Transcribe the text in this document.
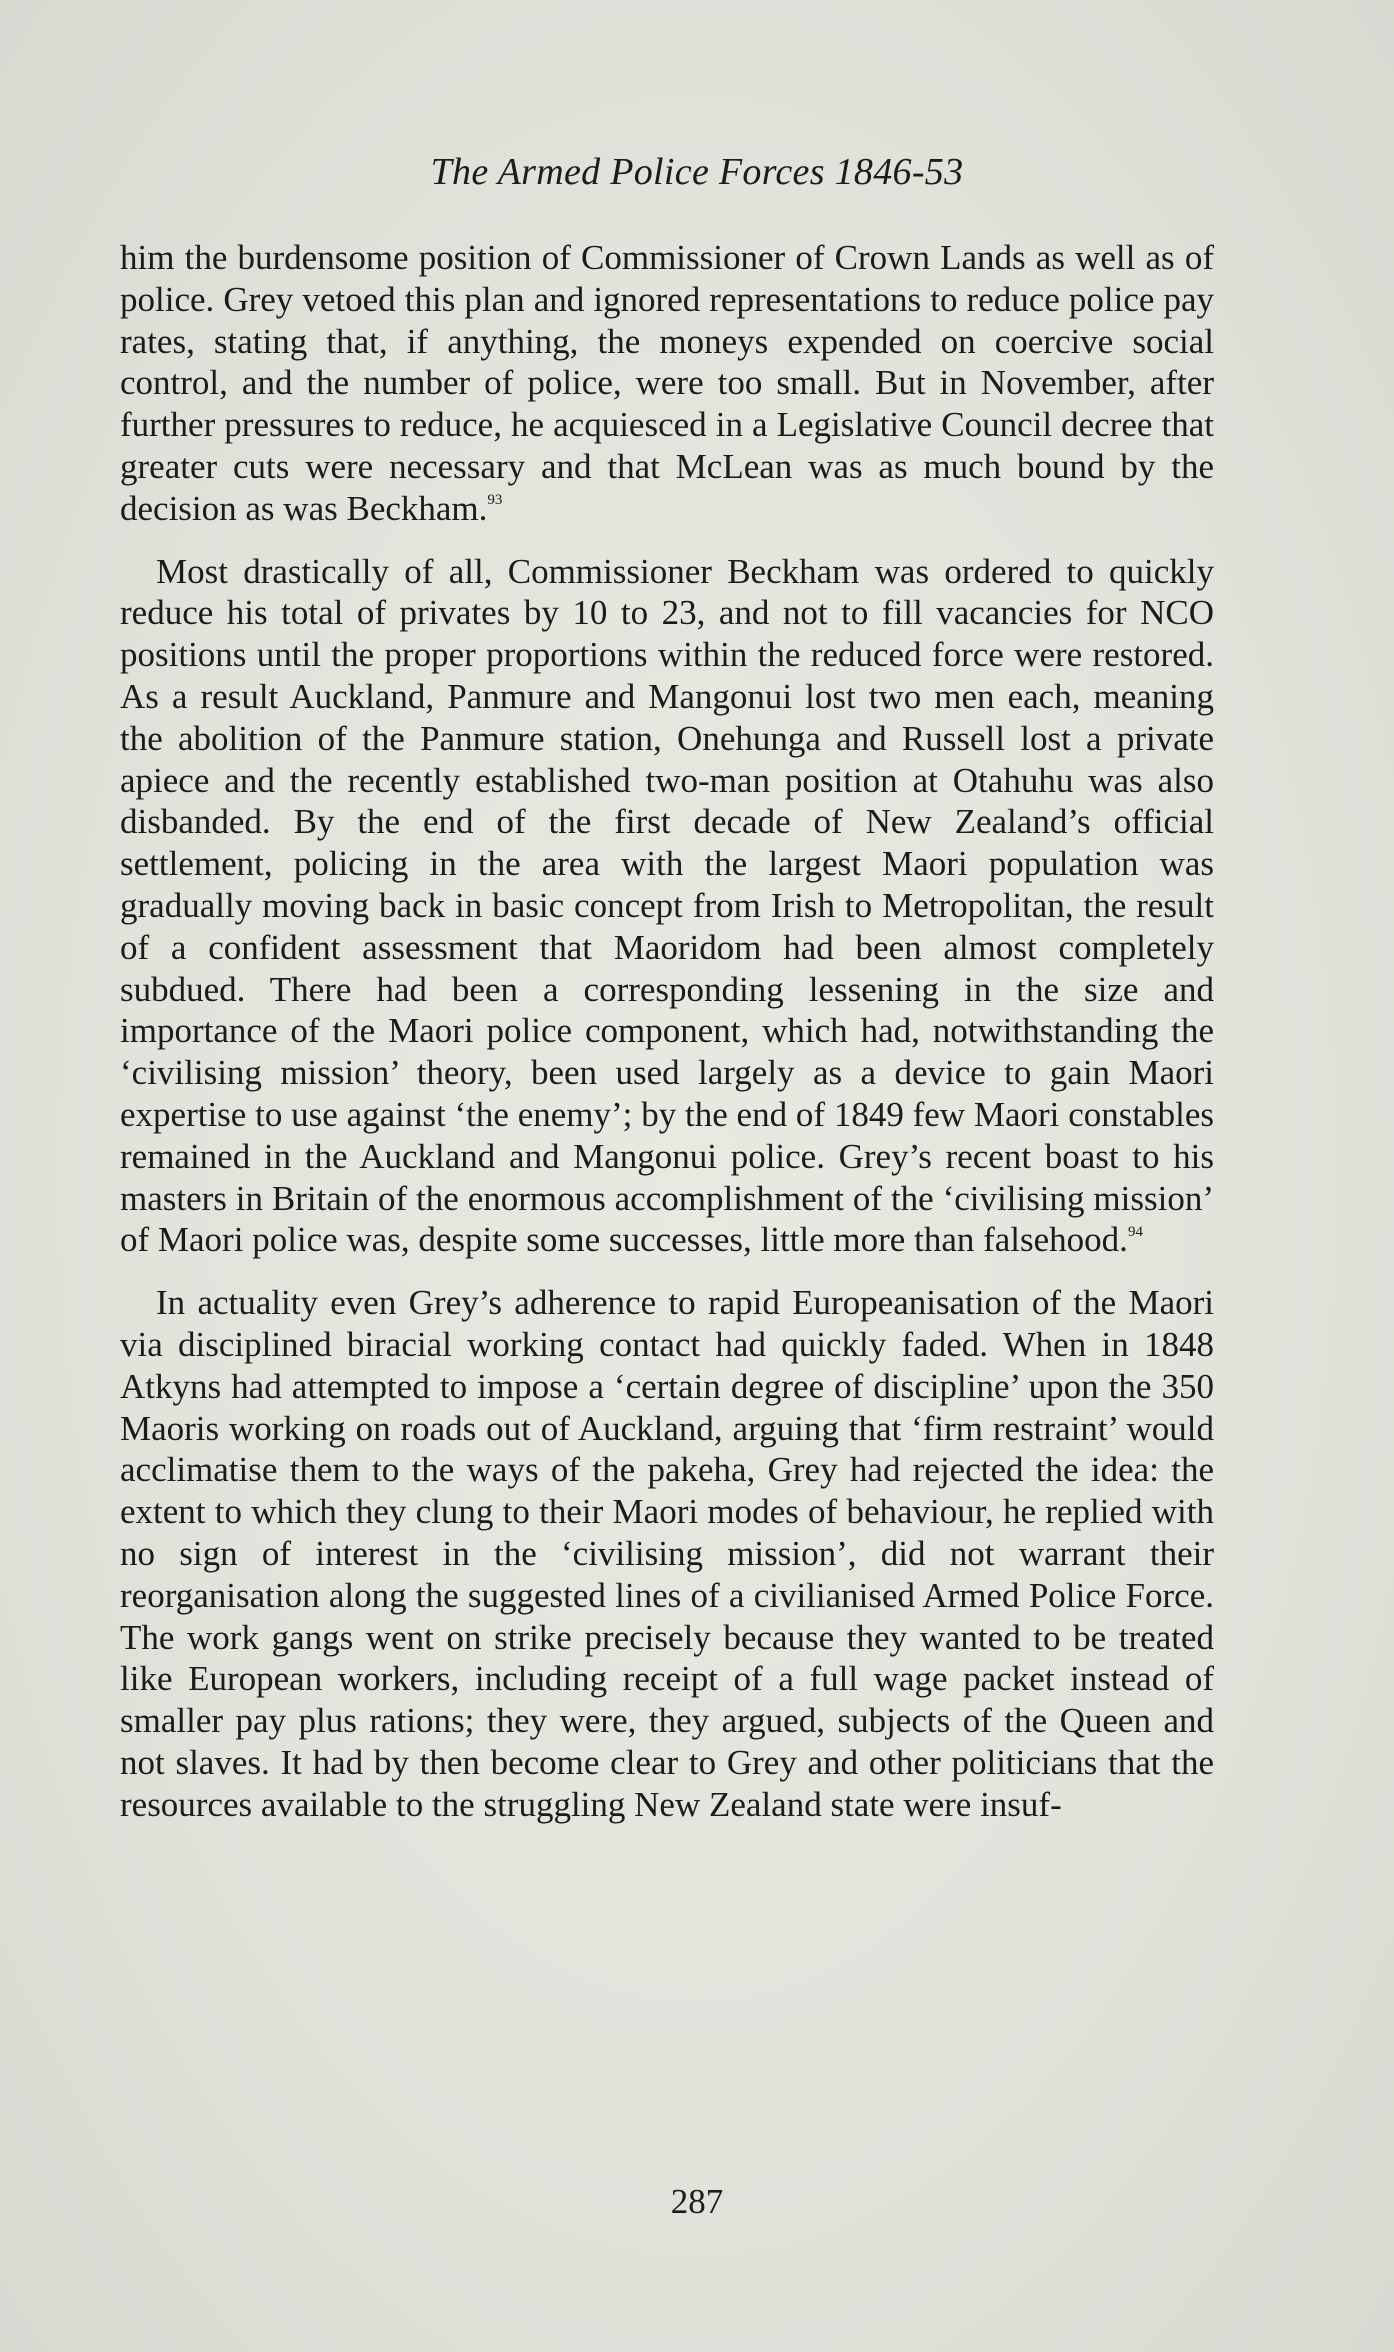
The Armed Police Forces 1846-53

him the burdensome position of Commissioner of Crown Lands as well as of police. Grey vetoed this plan and ignored representations to reduce police pay rates, stating that, if anything, the moneys expended on coercive social control, and the number of police, were too small. But in November, after further pressures to reduce, he acquiesced in a Legislative Council decree that greater cuts were necessary and that McLean was as much bound by the decision as was Beckham.$^{93}$

Most drastically of all, Commissioner Beckham was ordered to quickly reduce his total of privates by 10 to 23, and not to fill vacancies for NCO positions until the proper proportions within the reduced force were restored. As a result Auckland, Panmure and Mangonui lost two men each, meaning the abolition of the Panmure station, Onehunga and Russell lost a private apiece and the recently established two-man position at Otahuhu was also disbanded. By the end of the first decade of New Zealand’s official settlement, policing in the area with the largest Maori population was gradually moving back in basic concept from Irish to Metropolitan, the result of a confident assessment that Maoridom had been almost completely subdued. There had been a corresponding lessening in the size and importance of the Maori police component, which had, notwithstanding the ‘civilising mission’ theory, been used largely as a device to gain Maori expertise to use against ‘the enemy’; by the end of 1849 few Maori constables remained in the Auckland and Mangonui police. Grey’s recent boast to his masters in Britain of the enormous accomplishment of the ‘civilising mission’ of Maori police was, despite some successes, little more than falsehood.$^{94}$

In actuality even Grey’s adherence to rapid Europeanisation of the Maori via disciplined biracial working contact had quickly faded. When in 1848 Atkyns had attempted to impose a ‘certain degree of discipline’ upon the 350 Maoris working on roads out of Auckland, arguing that ‘firm restraint’ would acclimatise them to the ways of the pakeha, Grey had rejected the idea: the extent to which they clung to their Maori modes of behaviour, he replied with no sign of interest in the ‘civilising mission’, did not warrant their reorganisation along the suggested lines of a civilianised Armed Police Force. The work gangs went on strike precisely because they wanted to be treated like European workers, including receipt of a full wage packet instead of smaller pay plus rations; they were, they argued, subjects of the Queen and not slaves. It had by then become clear to Grey and other politicians that the resources available to the struggling New Zealand state were insuf-

287
